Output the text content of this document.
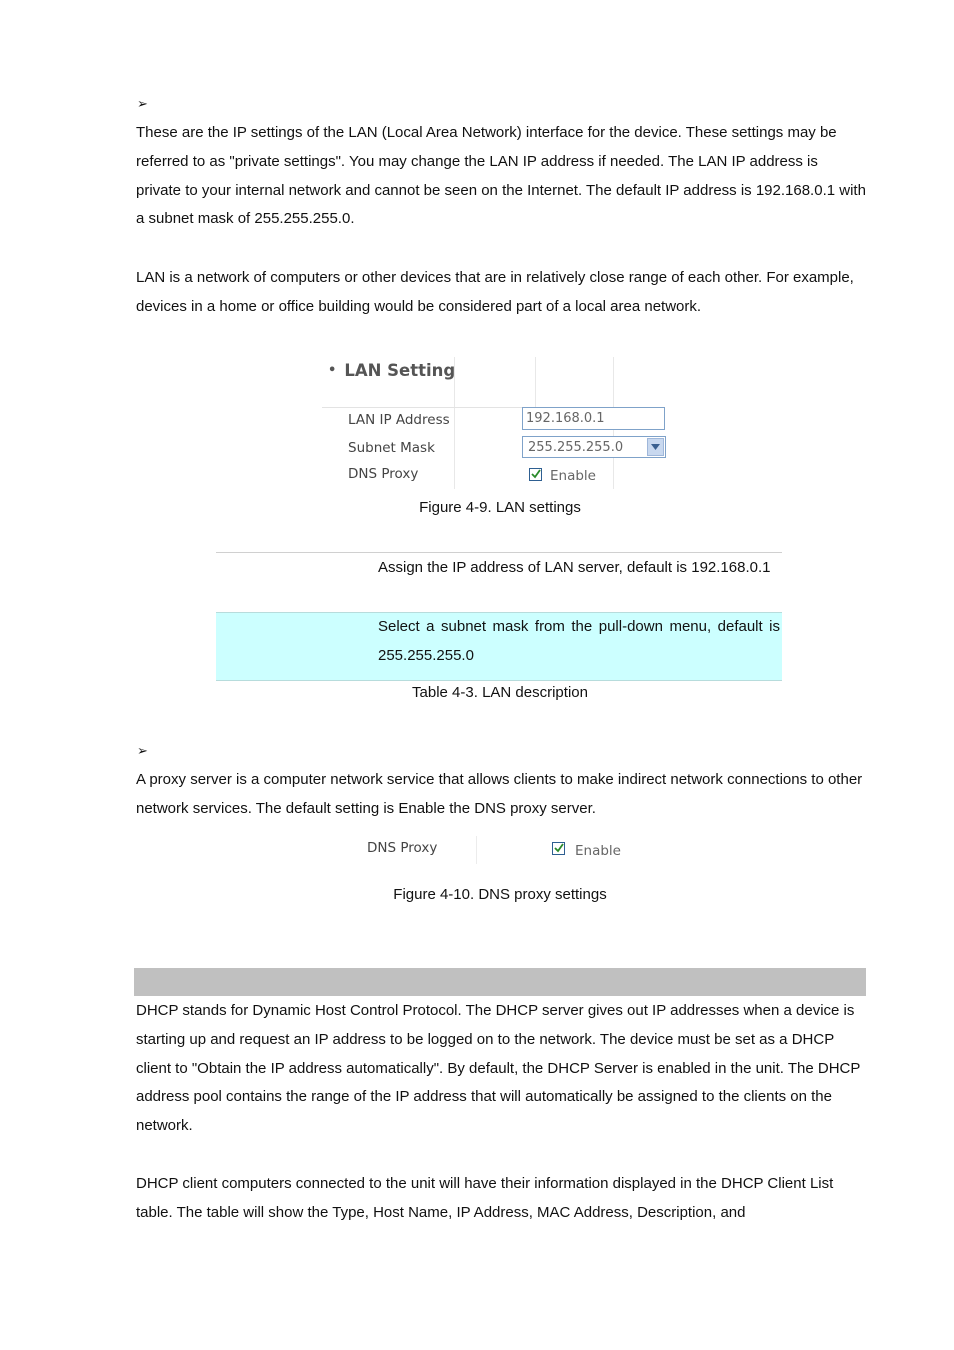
➢

These are the IP settings of the LAN (Local Area Network) interface for the device. These settings may be referred to as "private settings". You may change the LAN IP address if needed. The LAN IP address is private to your internal network and cannot be seen on the Internet. The default IP address is 192.168.0.1 with a subnet mask of 255.255.255.0.

LAN is a network of computers or other devices that are in relatively close range of each other. For example, devices in a home or office building would be considered part of a local area network.

• LAN Setting
LAN IP Address	192.168.0.1
Subnet Mask	255.255.255.0
DNS Proxy	Enable
Figure 4-9. LAN settings
Assign the IP address of LAN server, default is 192.168.0.1
Select a subnet mask from the pull-down menu, default is 255.255.255.0
Table 4-3. LAN description
➢

A proxy server is a computer network service that allows clients to make indirect network connections to other network services. The default setting is Enable the DNS proxy server.

DNS Proxy	Enable
Figure 4-10. DNS proxy settings

DHCP stands for Dynamic Host Control Protocol. The DHCP server gives out IP addresses when a device is starting up and request an IP address to be logged on to the network. The device must be set as a DHCP client to "Obtain the IP address automatically". By default, the DHCP Server is enabled in the unit. The DHCP address pool contains the range of the IP address that will automatically be assigned to the clients on the network.

DHCP client computers connected to the unit will have their information displayed in the DHCP Client List table. The table will show the Type, Host Name, IP Address, MAC Address, Description, and
